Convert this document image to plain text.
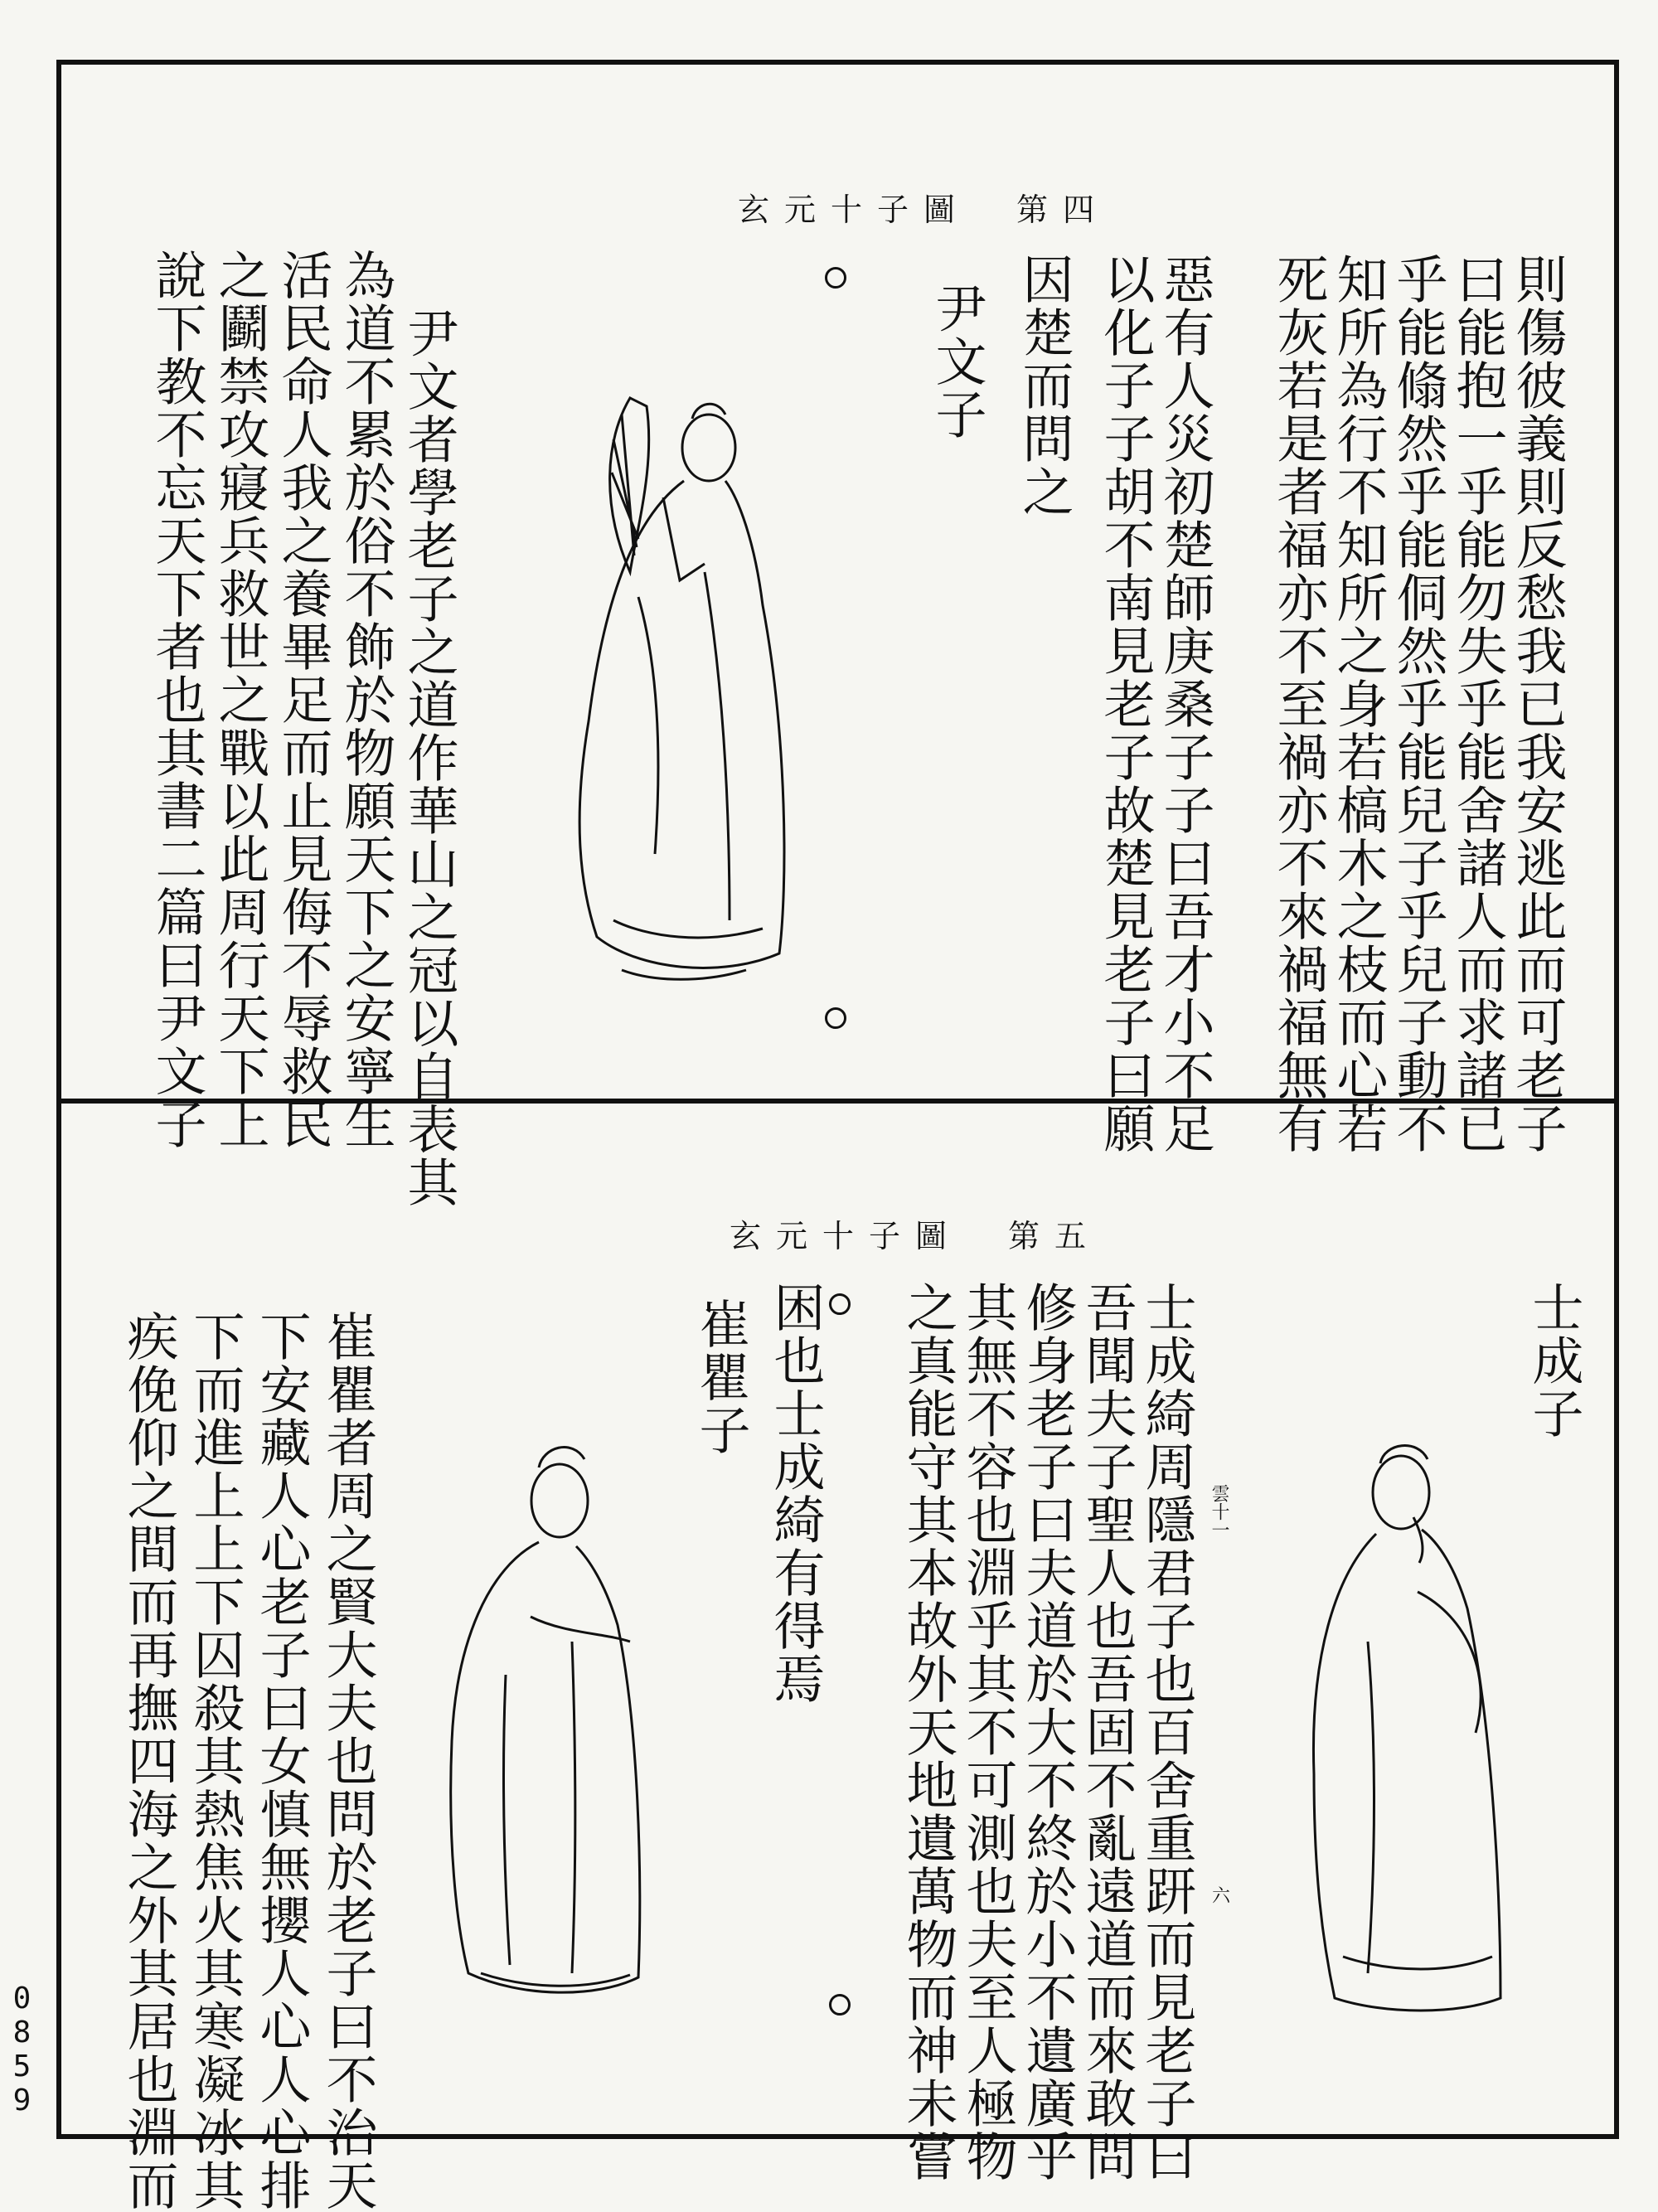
玄元十子圖　第四
則傷彼義則反愁我已我安逃此而可老子
曰能抱一乎能勿失乎能舍諸人而求諸已
乎能翛然乎能侗然乎能兒子乎兒子動不
知所為行不知所之身若槁木之枝而心若
死灰若是者福亦不至禍亦不來禍福無有
惡有人災初楚師庚桑子子曰吾才小不足
以化子子胡不南見老子故楚見老子曰願
因楚而問之
尹文子
尹文者學老子之道作華山之冠以自表其
為道不累於俗不飾於物願天下之安寧生
活民命人我之養畢足而止見侮不辱救民
之鬬禁攻寢兵救世之戰以此周行天下上
說下教不忘天下者也其書二篇曰尹文子
玄元十子圖　第五
士成子
士成綺周隱君子也百舍重趼而見老子曰
吾聞夫子聖人也吾固不亂遠道而來敢問
修身老子曰夫道於大不終於小不遺廣乎
其無不容也淵乎其不可測也夫至人極物
之真能守其本故外天地遺萬物而神未嘗
困也士成綺有得焉
崔瞿子
雲十一
六
崔瞿者周之賢大夫也問於老子曰不治天
下安藏人心老子曰女慎無攖人心人心排
下而進上上下囚殺其熱焦火其寒凝冰其
疾俛仰之間而再撫四海之外其居也淵而
0859
